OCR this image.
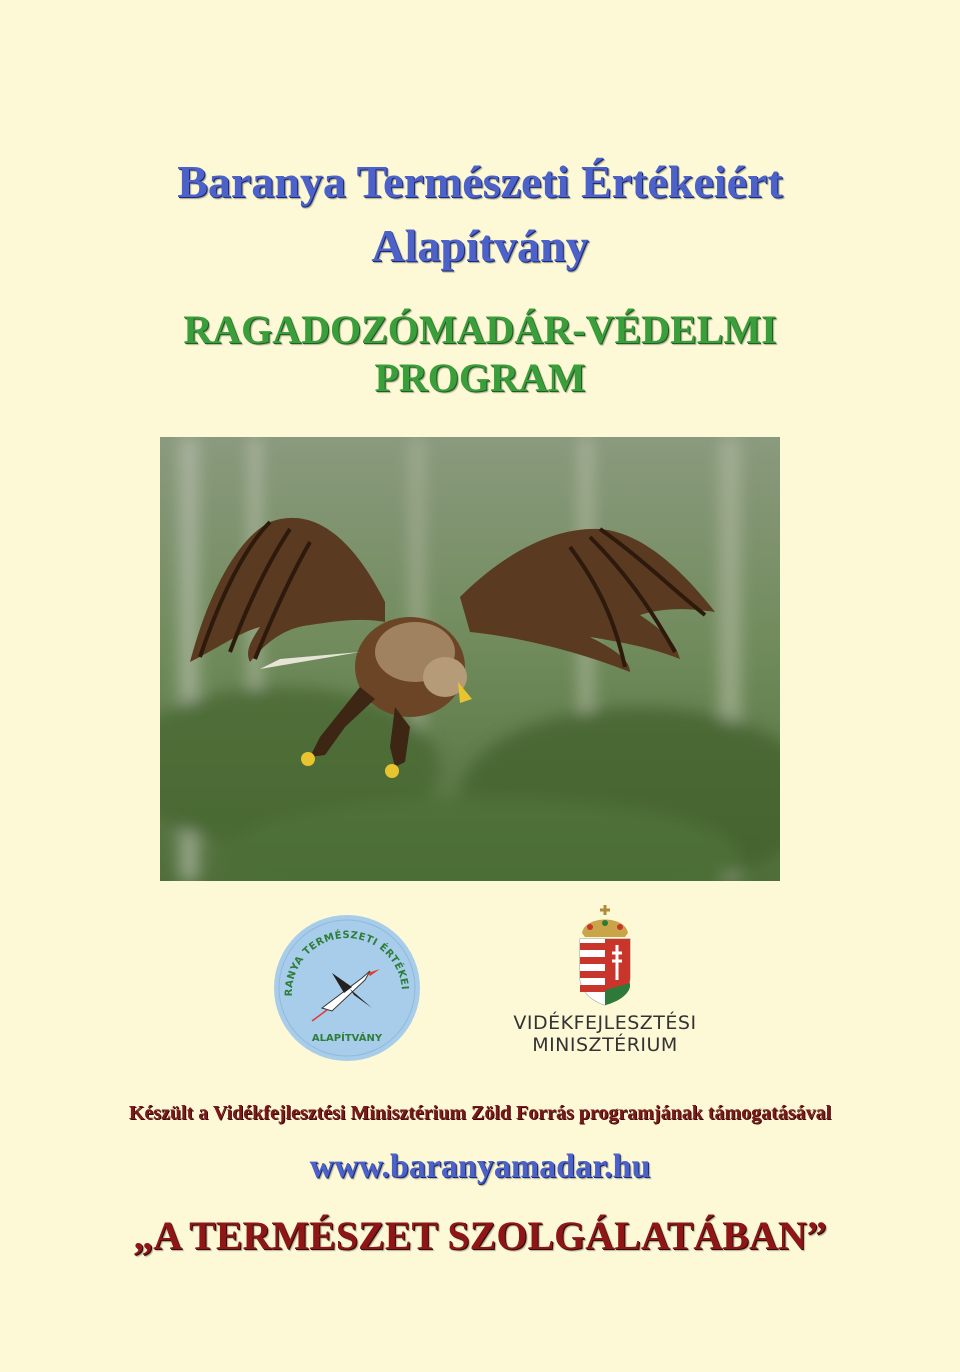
Baranya Természeti Értékeiért
Alapítvány
RAGADOZÓMADÁR-VÉDELMI
PROGRAM
RANYA TERMÉSZETI ÉRTÉKEI
ALAPÍTVÁNY
VIDÉKFEJLESZTÉSI
MINISZTÉRIUM
Készült a Vidékfejlesztési Minisztérium Zöld Forrás programjának támogatásával
www.baranyamadar.hu
„A TERMÉSZET SZOLGÁLATÁBAN”
